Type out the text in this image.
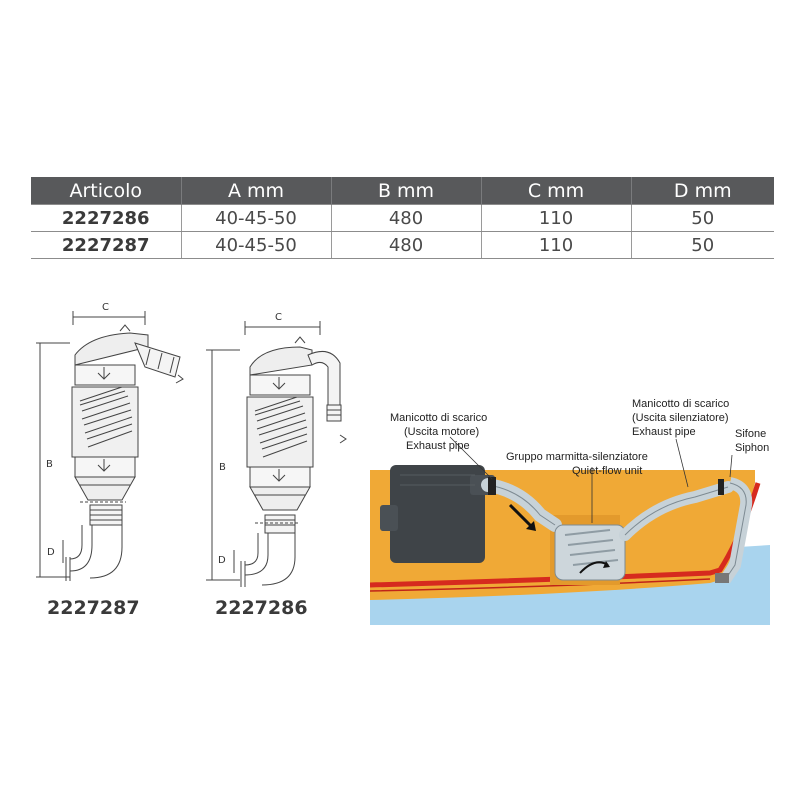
Articolo	A mm	B mm	C mm	D mm
2227286	40-45-50	480	110	50
2227287	40-45-50	480	110	50
C
B
D
2227287
C
B
D
2227286
Manicotto di scarico
(Uscita motore)
Exhaust pipe
Gruppo marmitta-silenziatore
Quiet-flow unit
Manicotto di scarico
(Uscita silenziatore)
Exhaust pipe	Sifone
Siphon
